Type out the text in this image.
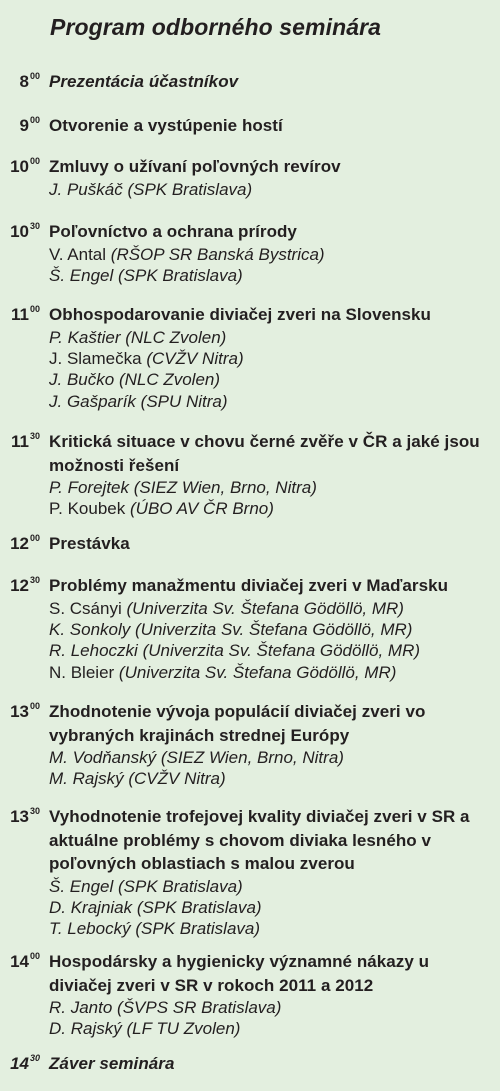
Program odborného seminára
$8^{00}$ Prezentácia účastníkov
$9^{00}$ Otvorenie a vystúpenie hostí
$10^{00}$ Zmluvy o užívaní poľovných revírov
J. Puškáč (SPK Bratislava)
$10^{30}$ Poľovníctvo a ochrana prírody
V. Antal (RŠOP SR Banská Bystrica)
Š. Engel (SPK Bratislava)
$11^{00}$ Obhospodarovanie diviačej zveri na Slovensku
P. Kaštier (NLC Zvolen)
J. Slamečka (CVŽV Nitra)
J. Bučko (NLC Zvolen)
J. Gašparík (SPU Nitra)
$11^{30}$ Kritická situace v chovu černé zvěře v ČR a jaké jsou možnosti řešení
P. Forejtek (SIEZ Wien, Brno, Nitra)
P. Koubek (ÚBO AV ČR Brno)
$12^{00}$ Prestávka
$12^{30}$ Problémy manažmentu diviačej zveri v Maďarsku
S. Csányi (Univerzita Sv. Štefana Gödöllö, MR)
K. Sonkoly (Univerzita Sv. Štefana Gödöllö, MR)
R. Lehoczki (Univerzita Sv. Štefana Gödöllö, MR)
N. Bleier (Univerzita Sv. Štefana Gödöllö, MR)
$13^{00}$ Zhodnotenie vývoja populácií diviačej zveri vo vybraných krajinách strednej Európy
M. Vodňanský (SIEZ Wien, Brno, Nitra)
M. Rajský (CVŽV Nitra)
$13^{30}$ Vyhodnotenie trofejovej kvality diviačej zveri v SR a aktuálne problémy s chovom diviaka lesného v poľovných oblastiach s malou zverou
Š. Engel (SPK Bratislava)
D. Krajniak (SPK Bratislava)
T. Lebocký (SPK Bratislava)
$14^{00}$ Hospodársky a hygienicky významné nákazy u diviačej zveri v SR v rokoch 2011 a 2012
R. Janto (ŠVPS SR Bratislava)
D. Rajský (LF TU Zvolen)
$14^{30}$ Záver seminára
